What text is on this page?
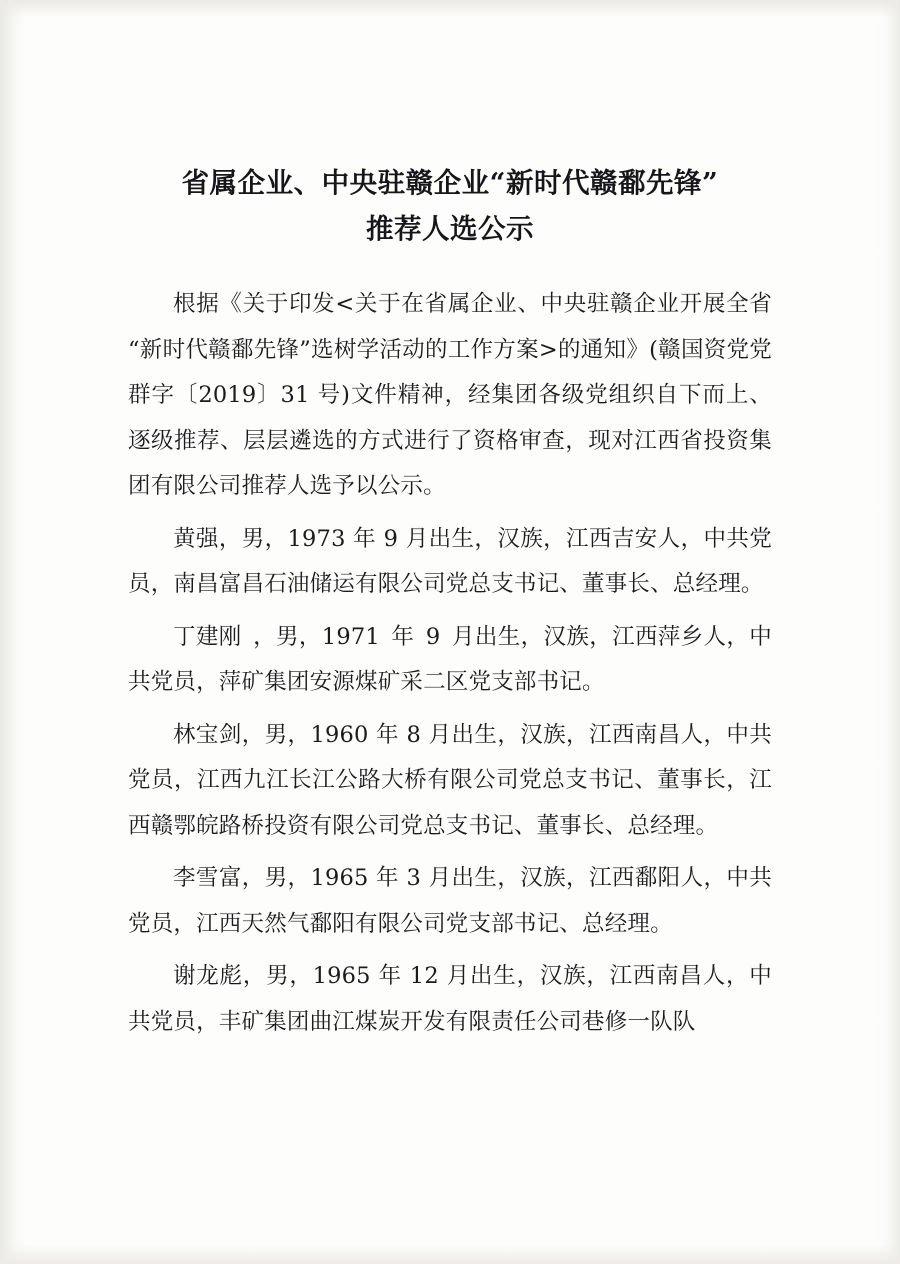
省属企业、中央驻赣企业“新时代赣鄱先锋”
推荐人选公示

根据《关于印发<关于在省属企业、中央驻赣企业开展全省“新时代赣鄱先锋”选树学活动的工作方案>的通知》(赣国资党党群字〔2019〕31 号)文件精神，经集团各级党组织自下而上、逐级推荐、层层遴选的方式进行了资格审查，现对江西省投资集团有限公司推荐人选予以公示。

黄强，男，1973 年 9 月出生，汉族，江西吉安人，中共党员，南昌富昌石油储运有限公司党总支书记、董事长、总经理。

丁建刚 ，男，1971 年 9 月出生，汉族，江西萍乡人，中共党员，萍矿集团安源煤矿采二区党支部书记。

林宝剑，男，1960 年 8 月出生，汉族，江西南昌人，中共党员，江西九江长江公路大桥有限公司党总支书记、董事长，江西赣鄂皖路桥投资有限公司党总支书记、董事长、总经理。

李雪富，男，1965 年 3 月出生，汉族，江西鄱阳人，中共党员，江西天然气鄱阳有限公司党支部书记、总经理。

谢龙彪，男，1965 年 12 月出生，汉族，江西南昌人，中共党员，丰矿集团曲江煤炭开发有限责任公司巷修一队队
